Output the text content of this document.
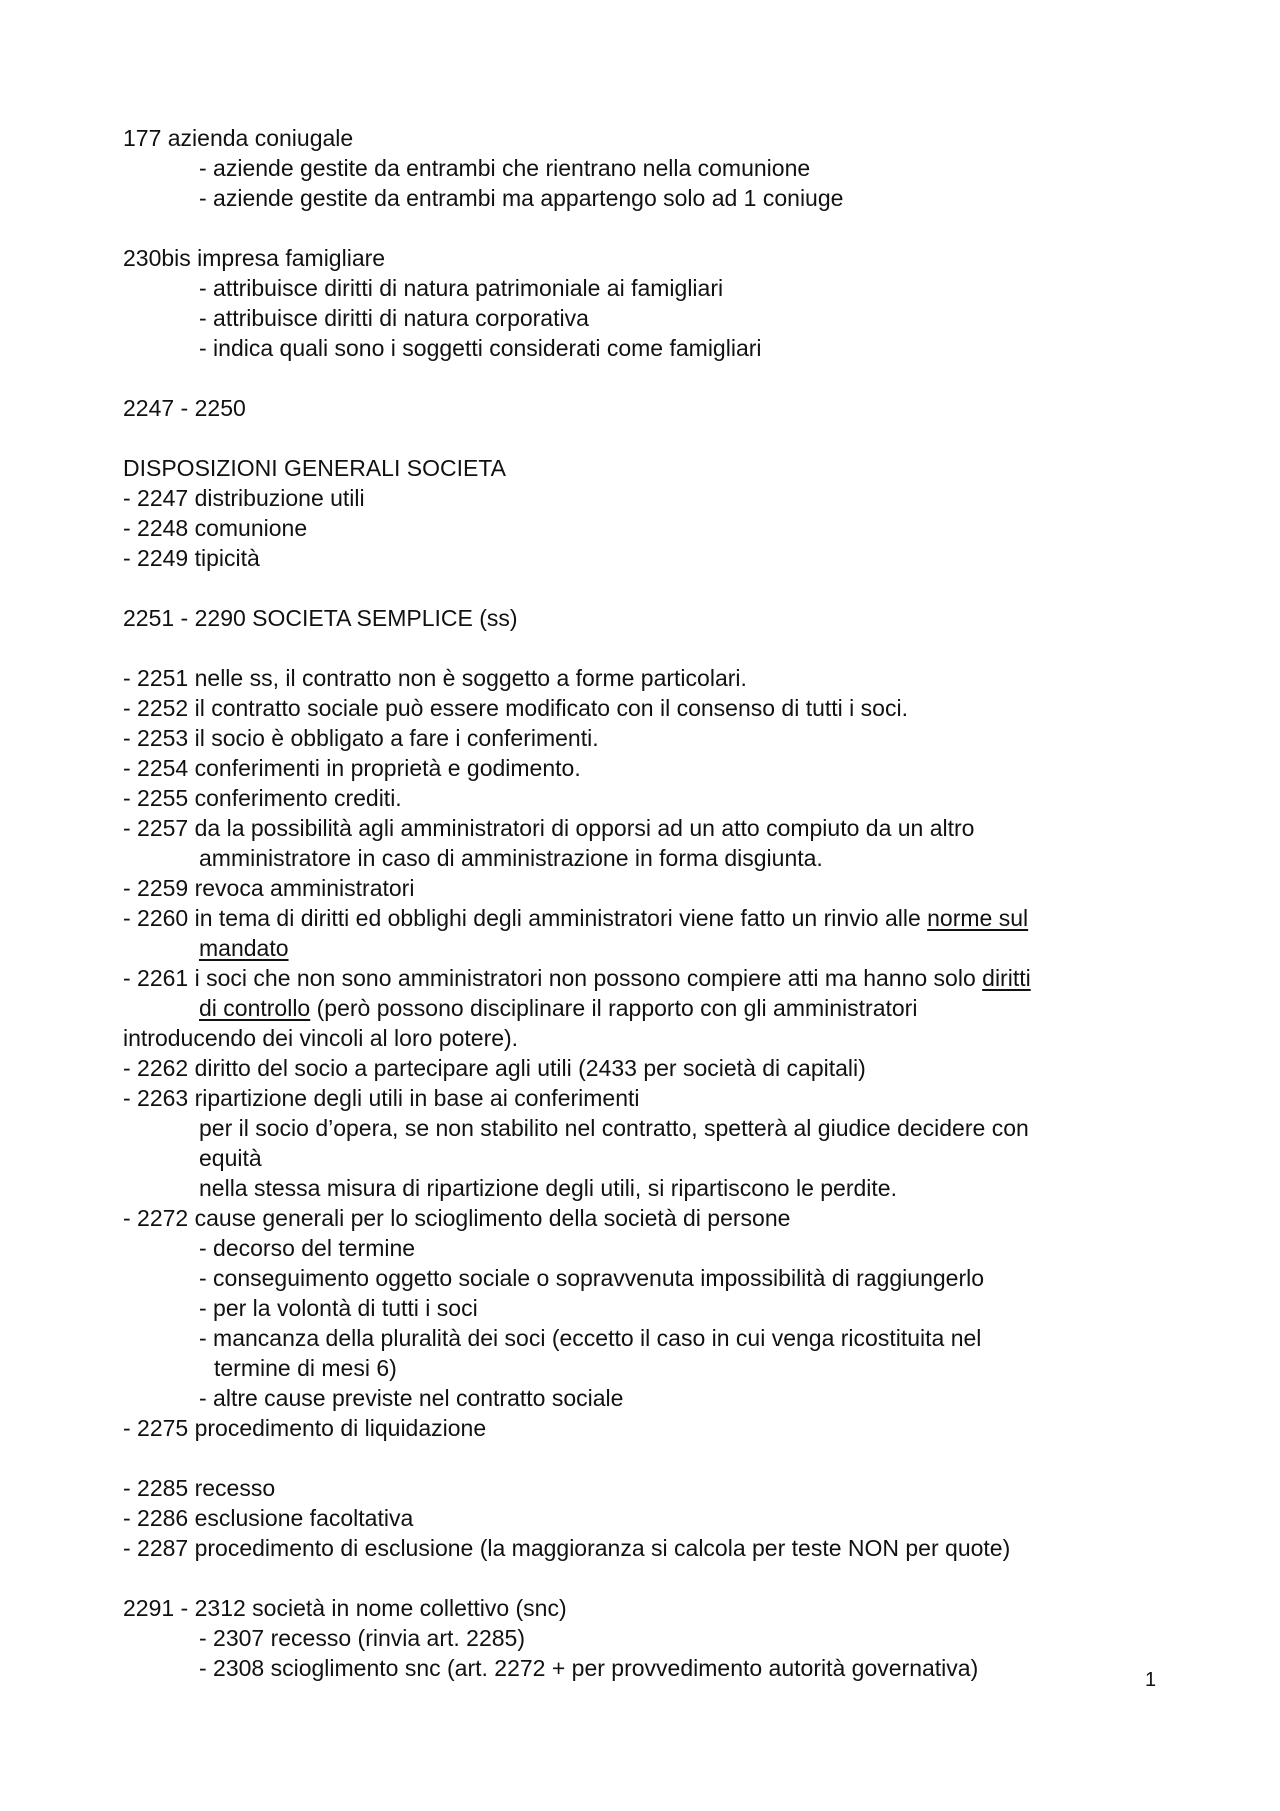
177 azienda coniugale
- aziende gestite da entrambi che rientrano nella comunione
- aziende gestite da entrambi ma appartengo solo ad 1 coniuge
230bis impresa famigliare
- attribuisce diritti di natura patrimoniale ai famigliari
- attribuisce diritti di natura corporativa
- indica quali sono i soggetti considerati come famigliari
2247 - 2250
DISPOSIZIONI GENERALI SOCIETA
- 2247 distribuzione utili
- 2248 comunione
- 2249 tipicità
2251 - 2290 SOCIETA SEMPLICE (ss)
- 2251 nelle ss, il contratto non è soggetto a forme particolari.
- 2252 il contratto sociale può essere modificato con il consenso di tutti i soci.
- 2253 il socio è obbligato a fare i conferimenti.
- 2254 conferimenti in proprietà e godimento.
- 2255 conferimento crediti.
- 2257 da la possibilità agli amministratori di opporsi ad un atto compiuto da un altro
amministratore in caso di amministrazione in forma disgiunta.
- 2259 revoca amministratori
- 2260 in tema di diritti ed obblighi degli amministratori viene fatto un rinvio alle norme sul
mandato
- 2261 i soci che non sono amministratori non possono compiere atti ma hanno solo diritti
di controllo (però possono disciplinare il rapporto con gli amministratori
introducendo dei vincoli al loro potere).
- 2262 diritto del socio a partecipare agli utili (2433 per società di capitali)
- 2263 ripartizione degli utili in base ai conferimenti
per il socio d’opera, se non stabilito nel contratto, spetterà al giudice decidere con
equità
nella stessa misura di ripartizione degli utili, si ripartiscono le perdite.
- 2272 cause generali per lo scioglimento della società di persone
- decorso del termine
- conseguimento oggetto sociale o sopravvenuta impossibilità di raggiungerlo
- per la volontà di tutti i soci
- mancanza della pluralità dei soci (eccetto il caso in cui venga ricostituita nel
termine di mesi 6)
- altre cause previste nel contratto sociale
- 2275 procedimento di liquidazione
- 2285 recesso
- 2286 esclusione facoltativa
- 2287 procedimento di esclusione (la maggioranza si calcola per teste NON per quote)
2291 - 2312 società in nome collettivo (snc)
- 2307 recesso (rinvia art. 2285)
- 2308 scioglimento snc (art. 2272 + per provvedimento autorità governativa)	1
